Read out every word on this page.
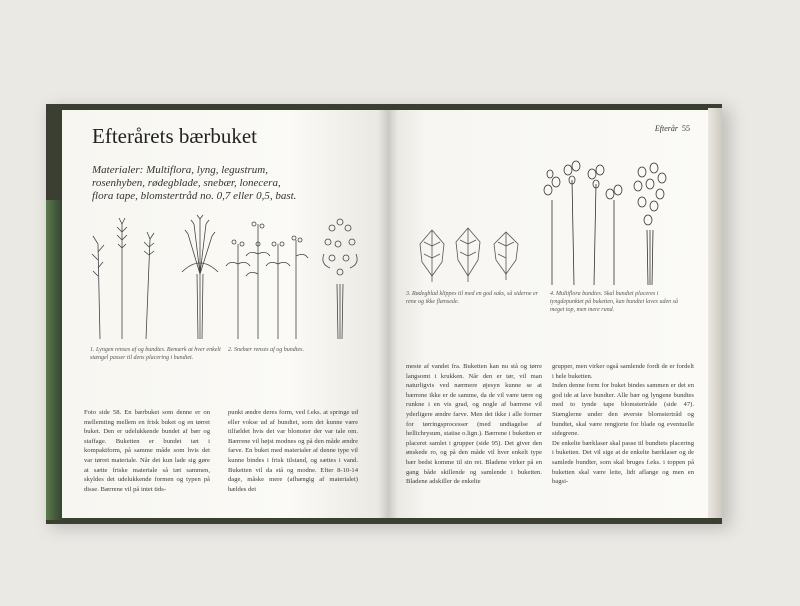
Efterårets bærbuket
Materialer: Multiflora, lyng, legustrum, rosenhyben, rødegblade, snebær, lonecera, flora tape, blomstertråd no. 0,7 eller 0,5, bast.
1. Lyngen renses af og bundtes. Bemærk at hver enkelt stængel passer til dens placering i bundtet.
2. Snebær renses af og bundtes.
Foto side 58. En bærbuket som denne er on mellemting mellem en frisk buket og en tørret buket. Den er udelukkende bundet af bær og staffage. Buketten er bundet tæt i kompaktform, på samme måde som hvis det var tørret materiale. Når det kun lade sig gøre at sætte friske materiale så tæt sammen, skyldes det udelukkende formen og typen på disse. Bærrene vil på intet tids-
punkt ændre deres form, ved f.eks. at springe ud eller vokse ud af bundtet, som det kunne være tilfældet hvis det var blomster der var tale om. Bærrene vil højst modnes og på den måde ændre farve. En buket med materialer af denne type vil kunne bindes i frisk tilstand, og sættes i vand. Buketten vil da stå og modne. Efter 8-10-14 dage, måske mere (afhængig af materialet) hældes det
Efterår 55
3. Rødegblad klippes til med en god saks, så siderne er rene og ikke flænsede.
4. Multiflora bundtes. Skal bundtet placeres i tyngdepunktet på buketten, kan bundtet laves uden så meget top, men mere rund.
meste af vandet fra. Buketten kan nu stå og tørre langsomt i krukken. Når den er tør, vil man naturligvis ved nærmere øjesyn kunne se at bærrene ikke er de samme, da de vil være tørre og runkne i en vis grad, og nogle af bærrene vil yderligere ændre farve. Men det ikke i alle former for tørringsprocesser (med undtagelse af hellichrysum, statise o.lign.). Bærrene i buketten er placeret samlet i grupper (side 95). Det giver den ønskede ro, og på den måde vil hver enkelt type bær bedst komme til sin ret. Bladene virker på en gang både skillende og samlende i buketten. Bladene adskiller de enkelte
grupper, men virker også samlende fordi de er fordelt i hele buketten.
Inden denne form for buket bindes sammen er det en god ide at lave bundter. Alle bær og lyngene bundtes med to tynde tape blomstertråde (side 47). Stænglerne under den øverste blomstertråd og bundtet, skal være rengjorte for blade og eventuelle sidegrene.
De enkelte bærklaser skal passe til bundtets placering i buketten. Det vil sige at de enkelte bærklaser og de samlede bundter, som skal bruges f.eks. i toppen på buketten skal være lette, lidt aflange og men en bagsi-
